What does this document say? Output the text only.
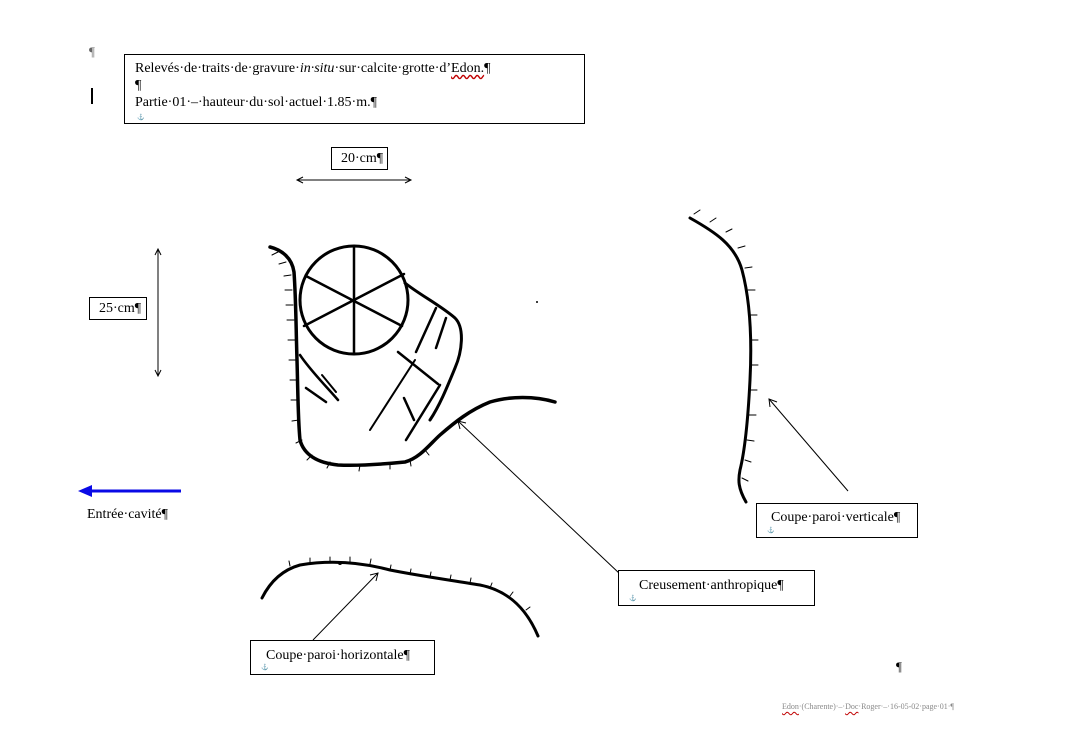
¶
¶
Relevés·de·traits·de·gravure·in·situ·sur·calcite·grotte·d’Edon.¶
¶
Partie·01·–·hauteur·du·sol·actuel·1.85·m.¶
⚓
20·cm¶
25·cm¶
Entrée·cavité¶	Coupe·paroi·verticale¶
⚓
Creusement·anthropique¶
⚓
Coupe·paroi·horizontale¶
⚓
Edon·(Charente)·–·Doc·Roger·–·16-05-02·page·01·¶
